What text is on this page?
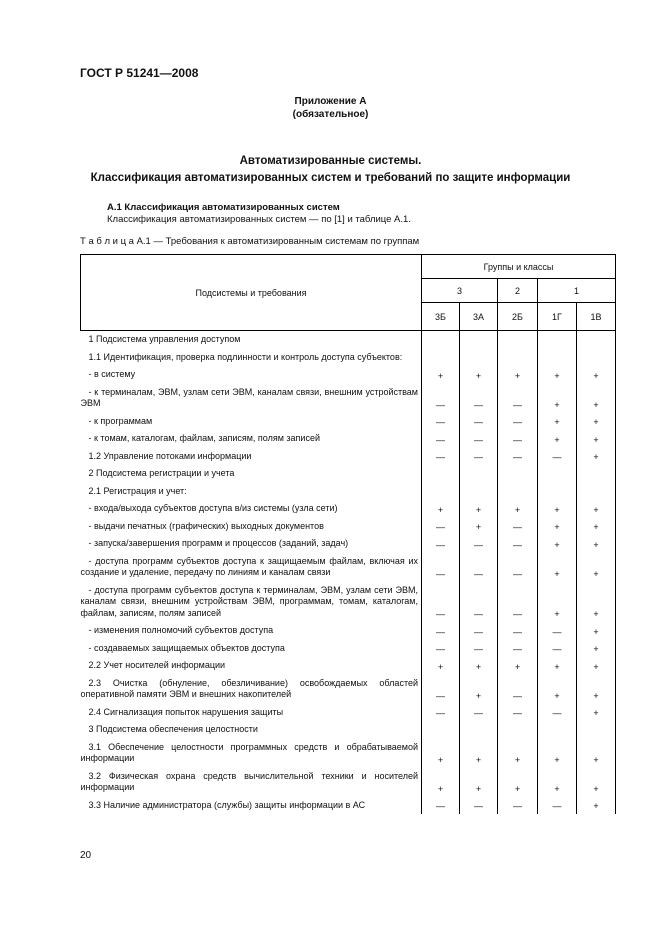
ГОСТ Р 51241—2008
Приложение А
(обязательное)
Автоматизированные системы.
Классификация автоматизированных систем и требований по защите информации
А.1 Классификация автоматизированных систем
Классификация автоматизированных систем — по [1] и таблице А.1.
Т а б л и ц а А.1 — Требования к автоматизированным системам по группам
Подсистемы и требования	Группы и классы				
	3		2	1	
	3Б	3А	2Б	1Г	1В
1 Подсистема управления доступом					
1.1 Идентификация, проверка подлинности и контроль доступа субъектов:					
- в систему	+	+	+	+	+
- к терминалам, ЭВМ, узлам сети ЭВМ, каналам связи, внешним устройствам ЭВМ	—	—	—	+	+
- к программам	—	—	—	+	+
- к томам, каталогам, файлам, записям, полям записей	—	—	—	+	+
1.2 Управление потоками информации	—	—	—	—	+
2 Подсистема регистрации и учета					
2.1 Регистрация и учет:					
- входа/выхода субъектов доступа в/из системы (узла сети)	+	+	+	+	+
- выдачи печатных (графических) выходных документов	—	+	—	+	+
- запуска/завершения программ и процессов (заданий, задач)	—	—	—	+	+
- доступа программ субъектов доступа к защищаемым файлам, включая их создание и удаление, передачу по линиям и каналам связи	—	—	—	+	+
- доступа программ субъектов доступа к терминалам, ЭВМ, узлам сети ЭВМ, каналам связи, внешним устройствам ЭВМ, программам, томам, каталогам, файлам, записям, полям записей	—	—	—	+	+
- изменения полномочий субъектов доступа	—	—	—	—	+
- создаваемых защищаемых объектов доступа	—	—	—	—	+
2.2 Учет носителей информации	+	+	+	+	+
2.3 Очистка (обнуление, обезличивание) освобождаемых областей оперативной памяти ЭВМ и внешних накопителей	—	+	—	+	+
2.4 Сигнализация попыток нарушения защиты	—	—	—	—	+
3 Подсистема обеспечения целостности					
3.1 Обеспечение целостности программных средств и обрабатываемой информации	+	+	+	+	+
3.2 Физическая охрана средств вычислительной техники и носителей информации	+	+	+	+	+
3.3 Наличие администратора (службы) защиты информации в АС	—	—	—	—	+
20
